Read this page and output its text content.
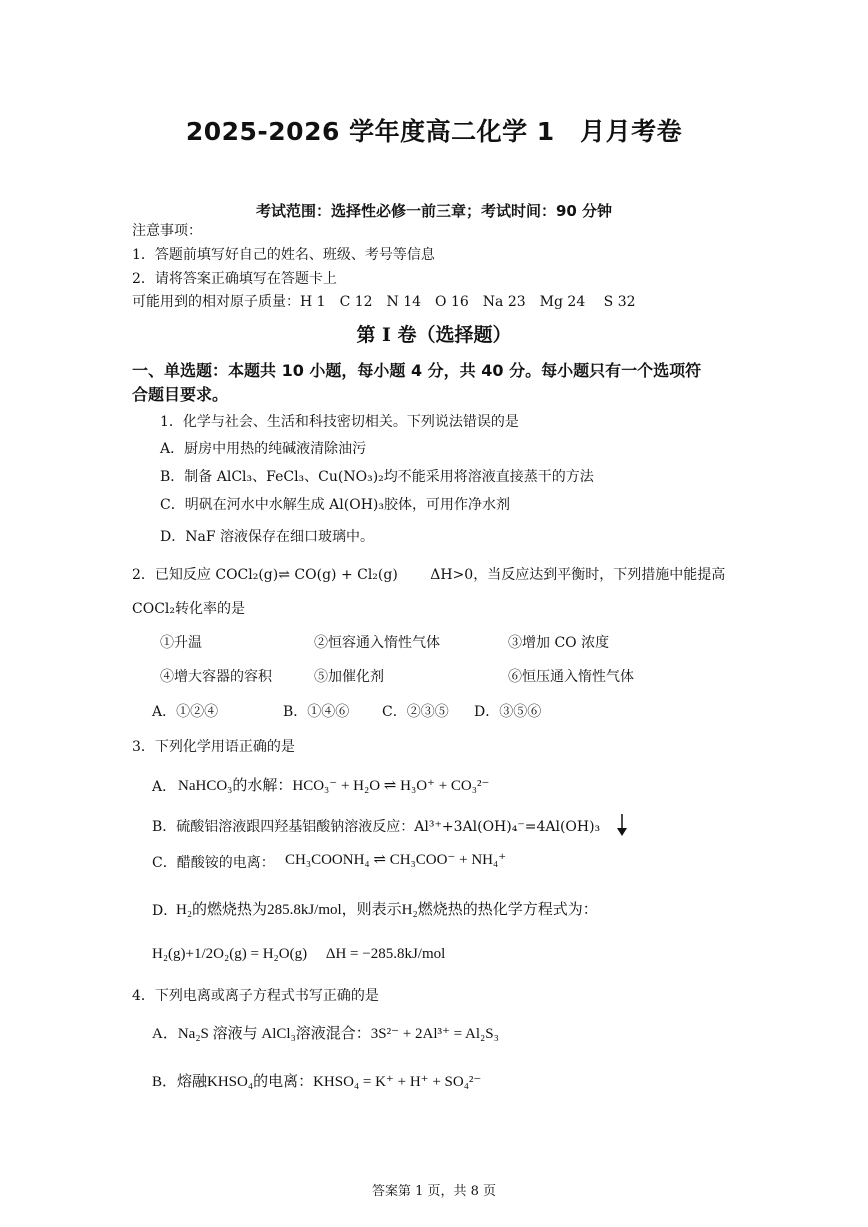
2025-2026 学年度高二化学 1　月月考卷
考试范围：选择性必修一前三章；考试时间：90 分钟
注意事项：
1．答题前填写好自己的姓名、班级、考号等信息
2．请将答案正确填写在答题卡上
可能用到的相对原子质量：H 1　C 12　N 14　O 16　Na 23　Mg 24　 S 32
第 I 卷（选择题）
一、单选题：本题共 10 小题，每小题 4 分，共 40 分。每小题只有一个选项符
合题目要求。
1．化学与社会、生活和科技密切相关。下列说法错误的是
A．厨房中用热的纯碱液清除油污
B．制备 AlCl₃、FeCl₃、Cu(NO₃)₂均不能采用将溶液直接蒸干的方法
C．明矾在河水中水解生成 Al(OH)₃胶体，可用作净水剂
D．NaF 溶液保存在细口玻璃中。
2．已知反应 COCl₂(g)⇌ CO(g) + Cl₂(g)　　 ΔH>0，当反应达到平衡时，下列措施中能提高
COCl₂转化率的是
①升温	②恒容通入惰性气体	③增加 CO 浓度
④增大容器的容积	⑤加催化剂	⑥恒压通入惰性气体
A．①②④	B．①④⑥ C．②③⑤ D．③⑤⑥
3．下列化学用语正确的是
A． NaHCO₃的水解：HCO₃⁻ + H₂O ⇌ H₃O⁺ + CO₃²⁻
B．硫酸铝溶液跟四羟基铝酸钠溶液反应：Al³⁺+3Al(OH)₄⁻=4Al(OH)₃
C．醋酸铵的电离： CH₃COONH₄ ⇌ CH₃COO⁻ + NH₄⁺
D．
H₂的燃烧热为285.8kJ/mol，则表示H₂燃烧热的热化学方程式为：
H₂(g)+1/2O₂(g) = H₂O(g)　 ΔH = −285.8kJ/mol
4．下列电离或离子方程式书写正确的是
A．Na₂S 溶液与 AlCl₃溶液混合：3S²⁻ + 2Al³⁺ = Al₂S₃
B．熔融KHSO₄的电离：KHSO₄ = K⁺ + H⁺ + SO₄²⁻
答案第 1 页，共 8 页
